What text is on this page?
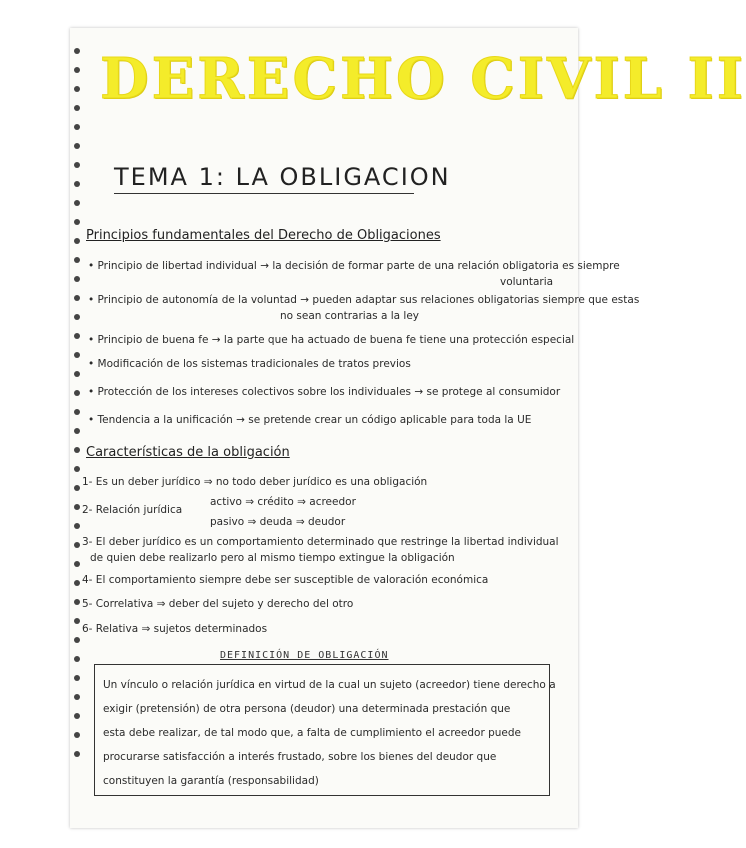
DERECHO CIVIL II
TEMA 1: LA OBLIGACION
Principios fundamentales del Derecho de Obligaciones
• Principio de libertad individual → la decisión de formar parte de una relación obligatoria es siempre
voluntaria
• Principio de autonomía de la voluntad → pueden adaptar sus relaciones obligatorias siempre que estas
no sean contrarias a la ley
• Principio de buena fe → la parte que ha actuado de buena fe tiene una protección especial
• Modificación de los sistemas tradicionales de tratos previos
• Protección de los intereses colectivos sobre los individuales → se protege al consumidor
• Tendencia a la unificación → se pretende crear un código aplicable para toda la UE
Características de la obligación
1- Es un deber jurídico ⇒ no todo deber jurídico es una obligación
2- Relación jurídica
activo ⇒ crédito ⇒ acreedor
pasivo ⇒ deuda ⇒ deudor
3- El deber jurídico es un comportamiento determinado que restringe la libertad individual
de quien debe realizarlo pero al mismo tiempo extingue la obligación
4- El comportamiento siempre debe ser susceptible de valoración económica
5- Correlativa ⇒ deber del sujeto y derecho del otro
6- Relativa ⇒ sujetos determinados
DEFINICIÓN DE OBLIGACIÓN
Un vínculo o relación jurídica en virtud de la cual un sujeto (acreedor) tiene derecho a
exigir (pretensión) de otra persona (deudor) una determinada prestación que
esta debe realizar, de tal modo que, a falta de cumplimiento el acreedor puede
procurarse satisfacción a interés frustado, sobre los bienes del deudor que
constituyen la garantía (responsabilidad)
